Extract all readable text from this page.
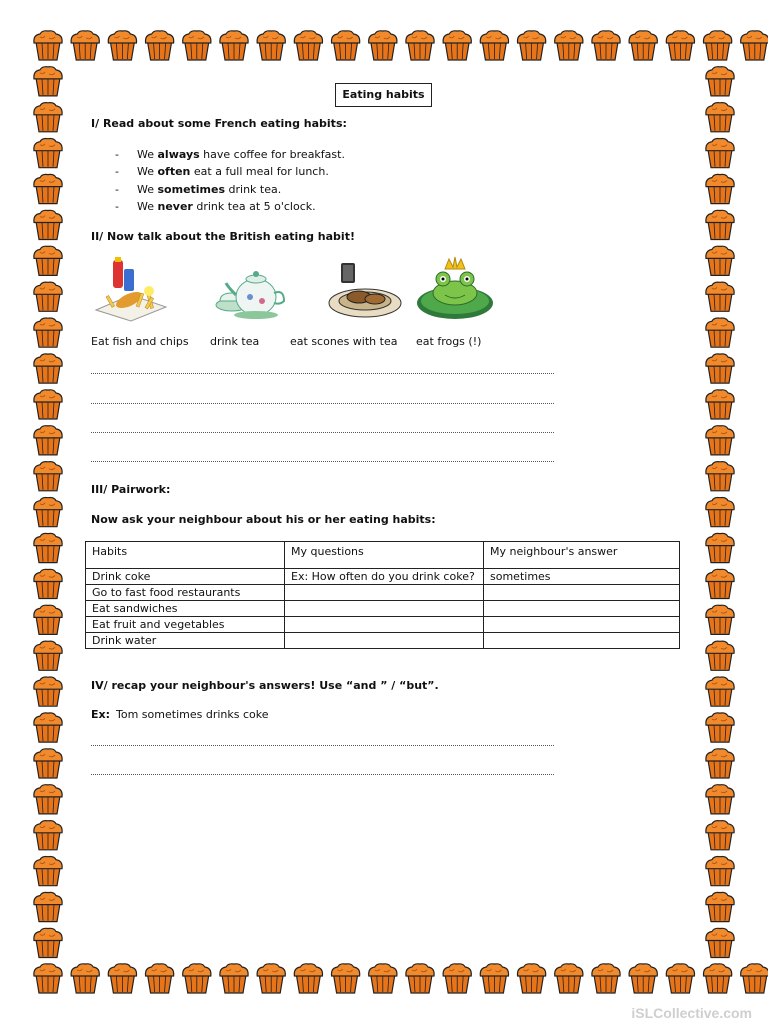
Eating habits
I/ Read about some French eating habits:
-	We always have coffee for breakfast.
-	We often eat a full meal for lunch.
-	We sometimes drink tea.
-	We never drink tea at 5 o'clock.
II/ Now talk about the British eating habit!
Eat fish and chips drink tea	eat scones with tea eat frogs (!)
III/ Pairwork:
Now ask your neighbour about his or her eating habits:
Habits	My questions	My neighbour's answer
Drink coke	Ex: How often do you drink coke?	sometimes
Go to fast food restaurants		
Eat sandwiches		
Eat fruit and vegetables		
Drink water		
IV/ recap your neighbour's answers! Use “and ” / “but”.
Ex: Tom sometimes drinks coke
iSLCollective.com
